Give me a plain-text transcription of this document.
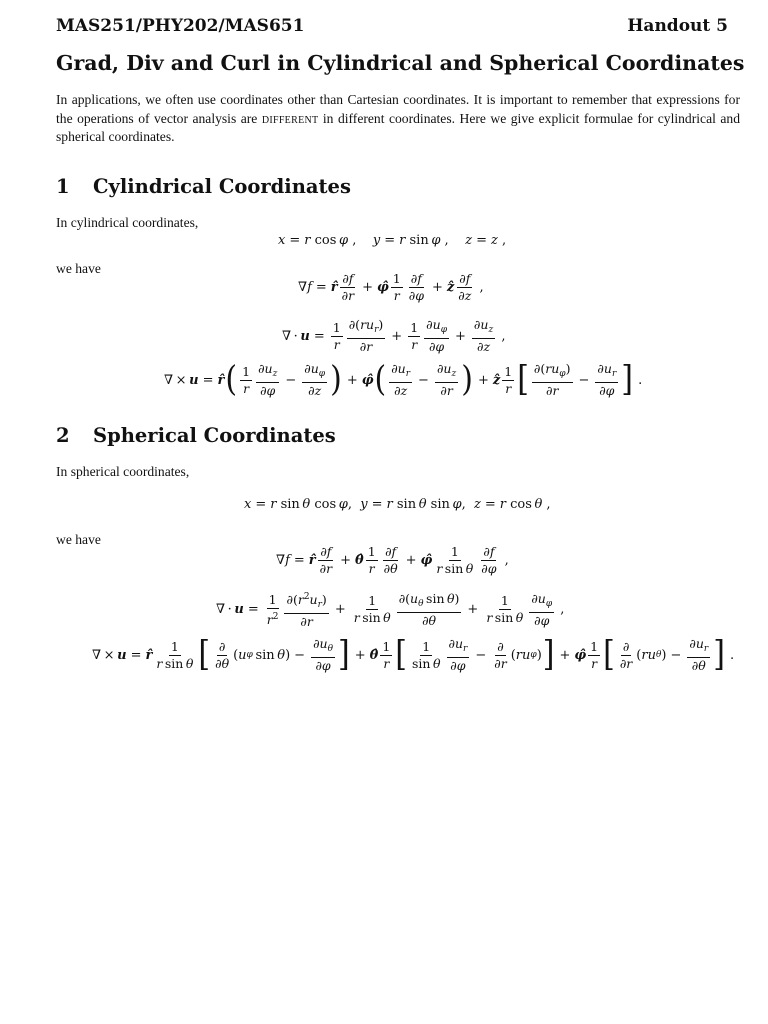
MAS251/PHY202/MAS651	Handout 5
Grad, Div and Curl in Cylindrical and Spherical Coordinates
In applications, we often use coordinates other than Cartesian coordinates. It is important to remember that expressions for the operations of vector analysis are different in different coordinates. Here we give explicit formulae for cylindrical and spherical coordinates.
1 Cylindrical Coordinates
In cylindrical coordinates,
x = r cos  φ , y = r sin  φ , z = z ,
we have
∇ f = r̂ $\frac{\partial f}{\partial r}$ + φ̂ $\frac{1}{r} \frac{\partial f}{\partial\varphi}$ + ẑ $\frac{\partial f}{\partial z}$ ,
∇ ·  $u = \frac{1}{r} \frac{\partial(ru_r)}{\partial r} + \frac{1}{r} \frac{\partial u_\varphi}{\partial\varphi} + \frac{\partial u_z}{\partial z}$ ,
∇ ×  u = r̂ ( $\frac{1}{r} \frac{\partial u_z}{\partial\varphi} - \frac{\partial u_\varphi}{\partial z}$ ) + φ̂ ( $\frac{\partial u_r}{\partial z} - \frac{\partial u_z}{\partial r}$ ) + ẑ $\frac{1}{r}$ [ $\frac{\partial(ru_\varphi)}{\partial r} - \frac{\partial u_r}{\partial\varphi}$ ] .
2 Spherical Coordinates
In spherical coordinates,
x = r sin  θ cos  φ , y = r sin  θ sin  φ , z = r cos  θ ,
we have
∇ f = r̂ $\frac{\partial f}{\partial r}$ + θ̂ $\frac{1}{r} \frac{\partial f}{\partial\theta}$ + φ̂ $\frac{1}{\text{r sin θ}} \frac{\partial f}{\partial\varphi}$ ,
∇ ·  $u = \frac{1}{r^2} \frac{\partial(r^2u_r)}{\partial r} + \frac{1}{\text{r sin θ}} \frac{\partial(u_\theta \sin \theta)}{\partial\theta} + \frac{1}{\text{r sin θ}} \frac{\partial u_\varphi}{\partial\varphi}$ ,
∇ ×  u = r̂ $\frac{1}{\text{r sin θ}}$ [ $\frac{\partial}{\partial\theta}$ ( u φ  sin  θ ) − $\frac{\partial u_\theta}{\partial\varphi}$ ] + θ̂ $\frac{1}{r}$ [ $\frac{1}{\text{sin θ}} \frac{\partial u_r}{\partial\varphi} - \frac{\partial}{\partial r}$ ( ru φ ) ] + φ̂ $\frac{1}{r}$ [ $\frac{\partial}{\partial r}$ ( ru θ ) − $\frac{\partial u_r}{\partial\theta}$ ] .
